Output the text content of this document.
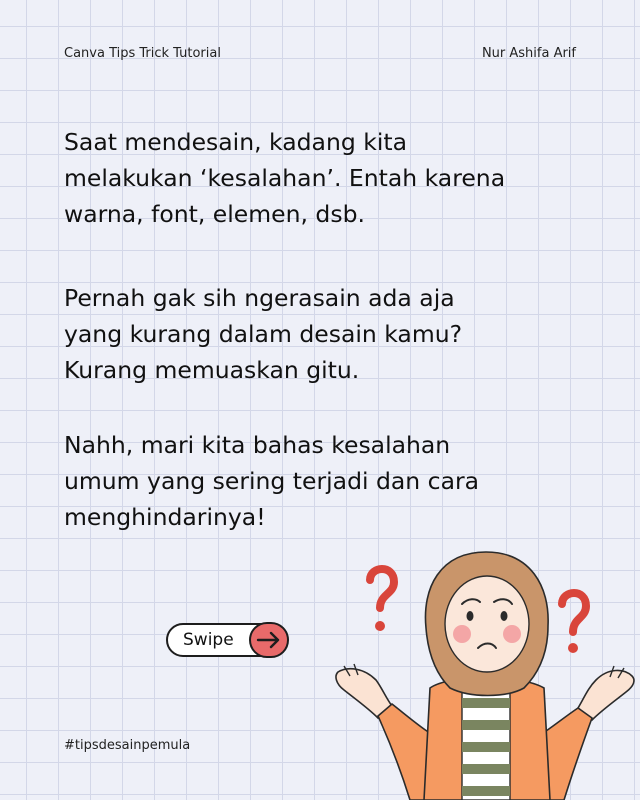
Canva Tips Trick Tutorial	Nur Ashifa Arif
Saat mendesain, kadang kita
melakukan ‘kesalahan’. Entah karena
warna, font, elemen, dsb.
Pernah gak sih ngerasain ada aja
yang kurang dalam desain kamu?
Kurang memuaskan gitu.
Nahh, mari kita bahas kesalahan
umum yang sering terjadi dan cara
menghindarinya!
Swipe
#tipsdesainpemula
